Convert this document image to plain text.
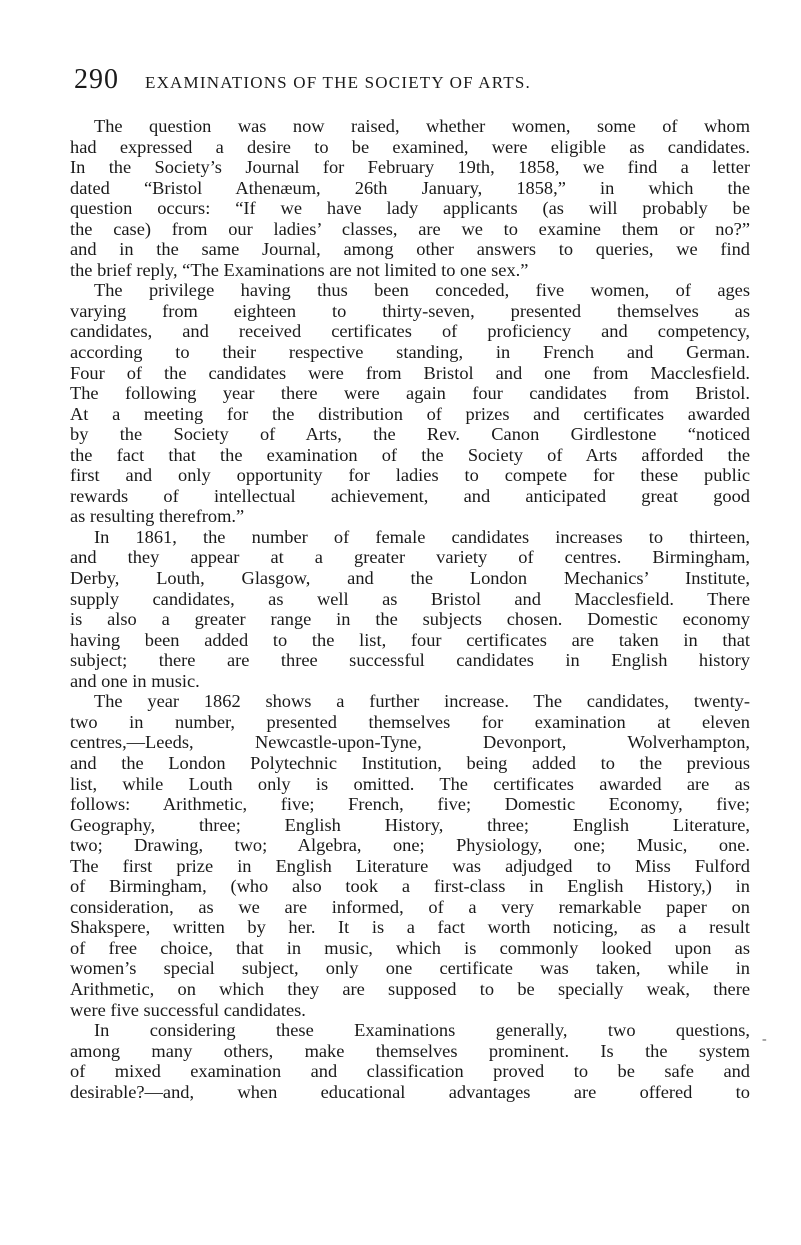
290 EXAMINATIONS OF THE SOCIETY OF ARTS.
The question was now raised, whether women, some of whom
had expressed a desire to be examined, were eligible as candidates.
In the Society’s Journal for February 19th, 1858, we find a letter
dated “Bristol Athenæum, 26th January, 1858,” in which the
question occurs: “If we have lady applicants (as will probably be
the case) from our ladies’ classes, are we to examine them or no?”
and in the same Journal, among other answers to queries, we find
the brief reply, “The Examinations are not limited to one sex.”
The privilege having thus been conceded, five women, of ages
varying from eighteen to thirty-seven, presented themselves as
candidates, and received certificates of proficiency and competency,
according to their respective standing, in French and German.
Four of the candidates were from Bristol and one from Macclesfield.
The following year there were again four candidates from Bristol.
At a meeting for the distribution of prizes and certificates awarded
by the Society of Arts, the Rev. Canon Girdlestone “noticed
the fact that the examination of the Society of Arts afforded the
first and only opportunity for ladies to compete for these public
rewards of intellectual achievement, and anticipated great good
as resulting therefrom.”
In 1861, the number of female candidates increases to thirteen,
and they appear at a greater variety of centres. Birmingham,
Derby, Louth, Glasgow, and the London Mechanics’ Institute,
supply candidates, as well as Bristol and Macclesfield. There
is also a greater range in the subjects chosen. Domestic economy
having been added to the list, four certificates are taken in that
subject; there are three successful candidates in English history
and one in music.
The year 1862 shows a further increase. The candidates, twenty-
two in number, presented themselves for examination at eleven
centres,—Leeds, Newcastle-upon-Tyne, Devonport, Wolverhampton,
and the London Polytechnic Institution, being added to the previous
list, while Louth only is omitted. The certificates awarded are as
follows: Arithmetic, five; French, five; Domestic Economy, five;
Geography, three; English History, three; English Literature,
two; Drawing, two; Algebra, one; Physiology, one; Music, one.
The first prize in English Literature was adjudged to Miss Fulford
of Birmingham, (who also took a first-class in English History,) in
consideration, as we are informed, of a very remarkable paper on
Shakspere, written by her. It is a fact worth noticing, as a result
of free choice, that in music, which is commonly looked upon as
women’s special subject, only one certificate was taken, while in
Arithmetic, on which they are supposed to be specially weak, there
were five successful candidates.
In considering these Examinations generally, two questions,
among many others, make themselves prominent. Is the system
of mixed examination and classification proved to be safe and
desirable?—and, when educational advantages are offered to
-
